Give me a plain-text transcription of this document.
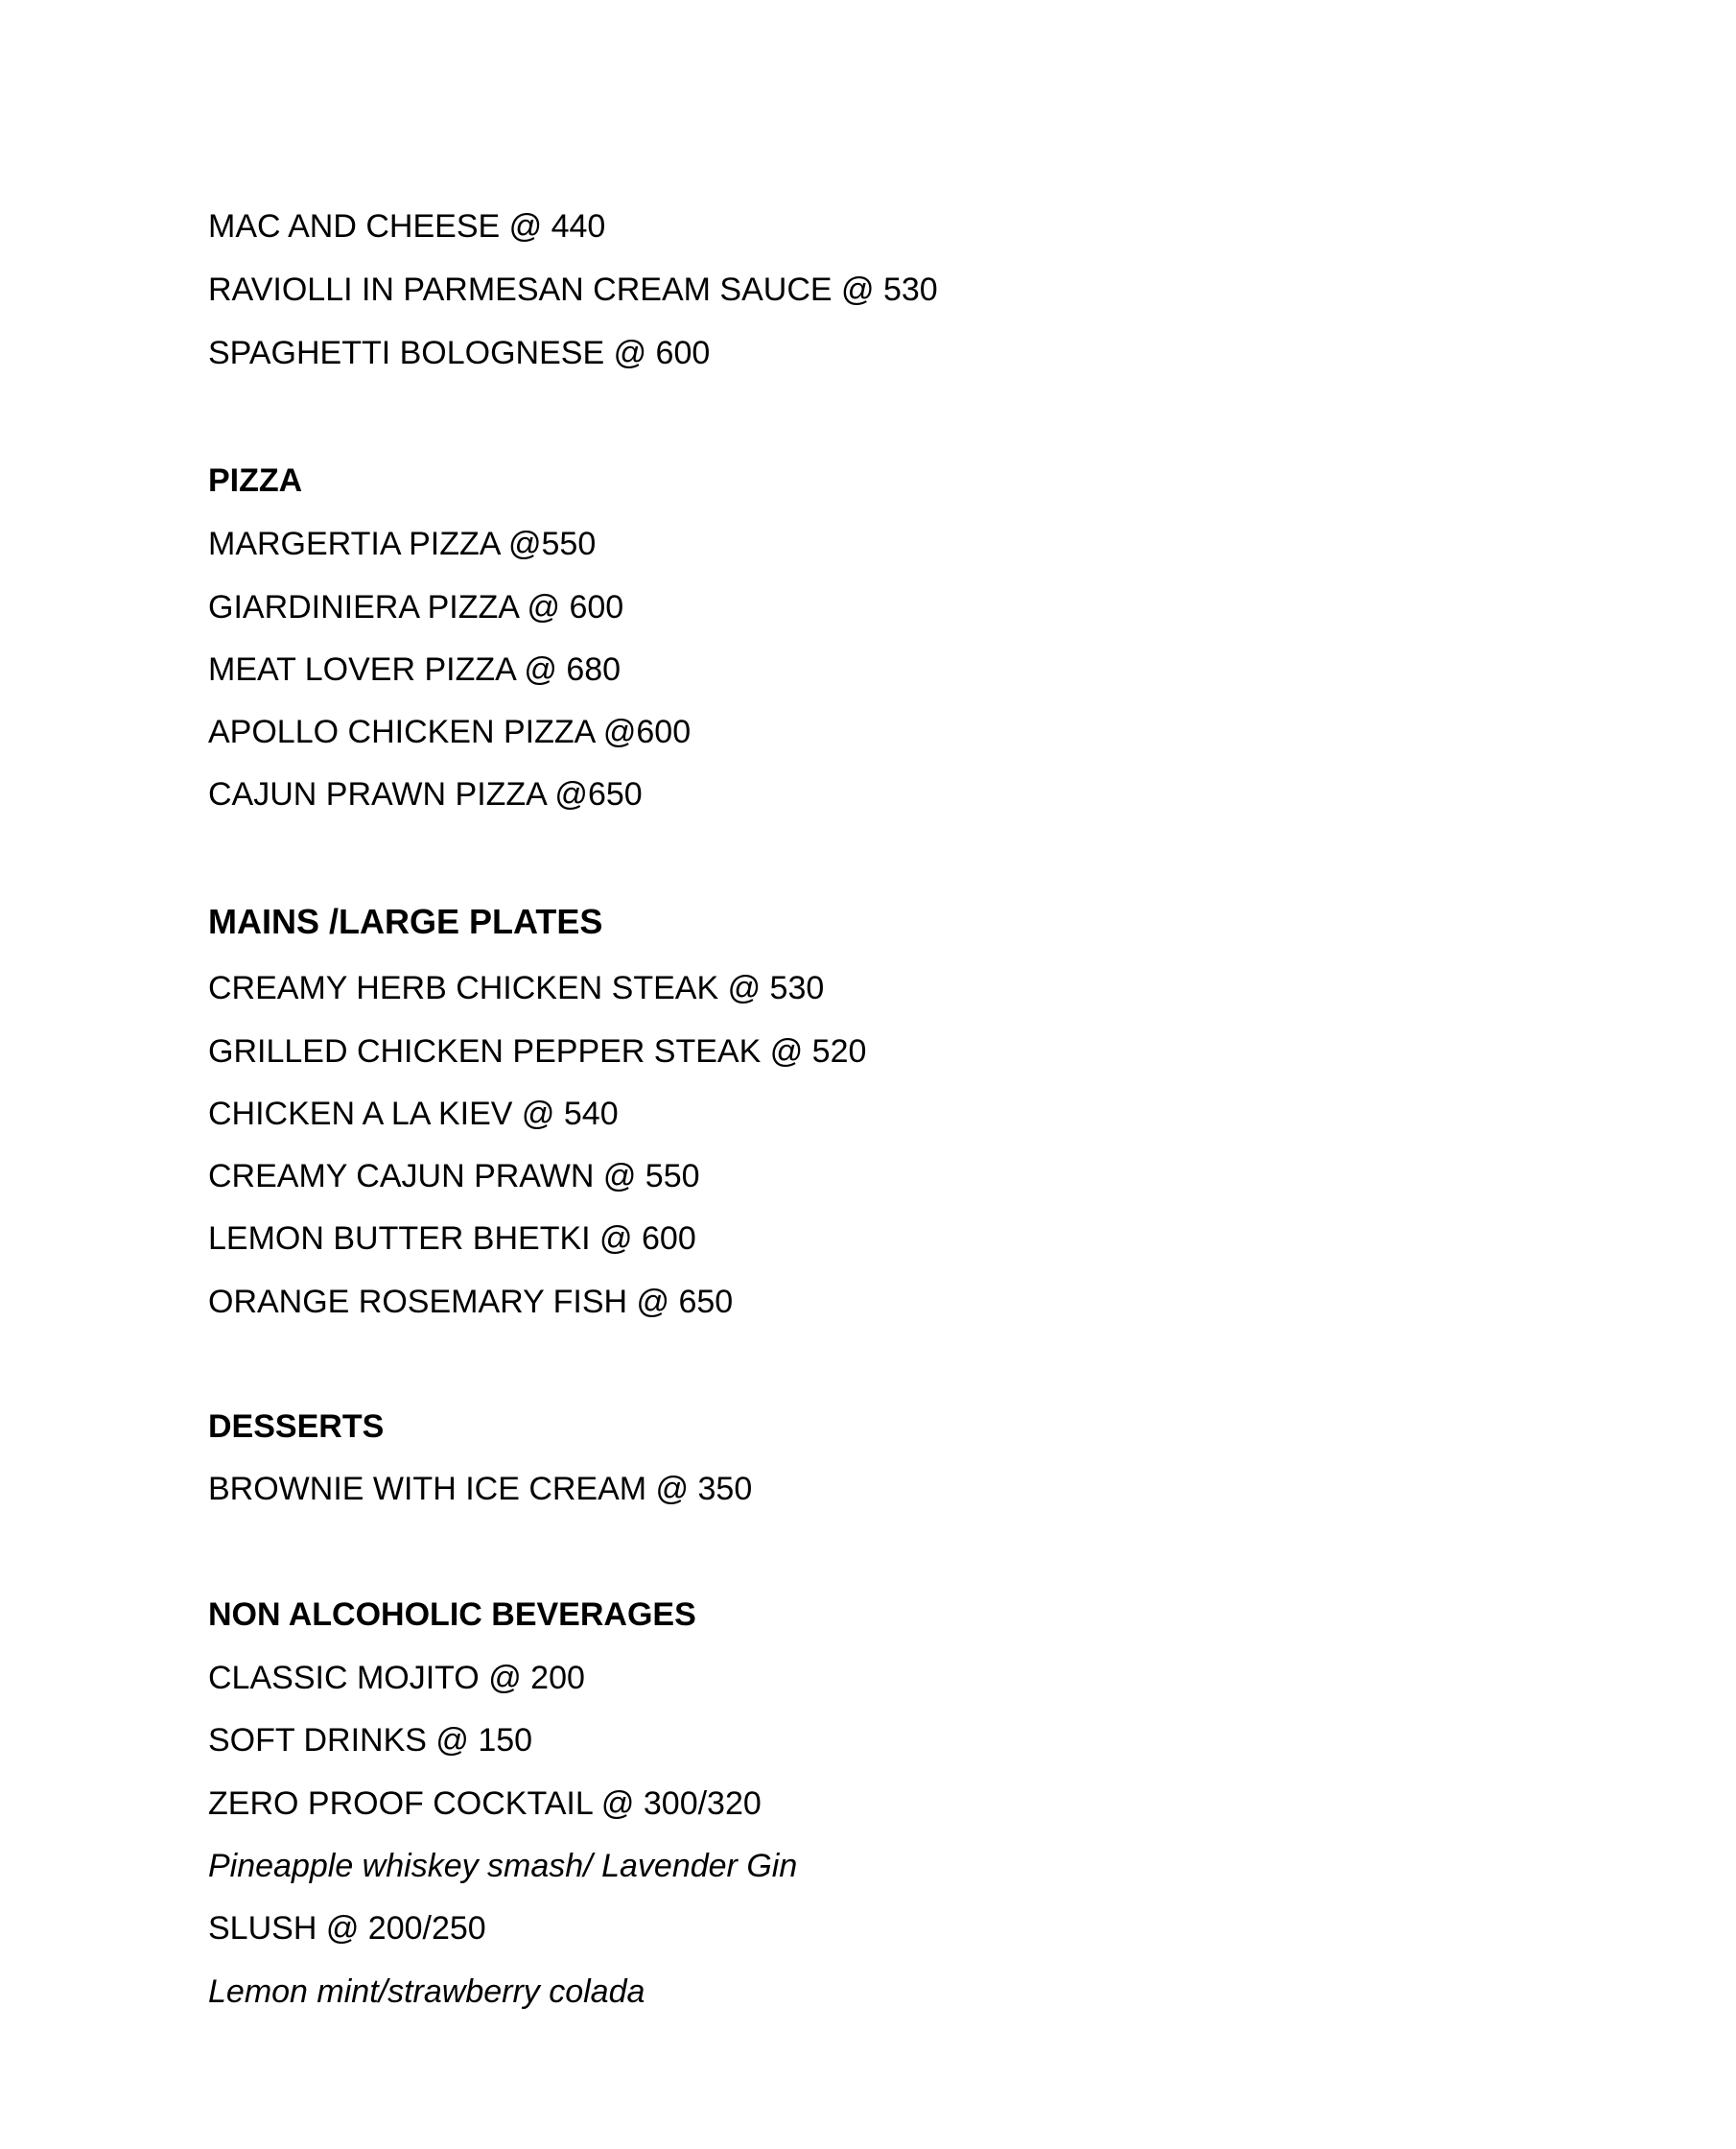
MAC AND CHEESE @ 440

RAVIOLLI IN PARMESAN CREAM SAUCE @ 530

SPAGHETTI BOLOGNESE @ 600

PIZZA

MARGERTIA PIZZA @550

GIARDINIERA PIZZA @ 600

MEAT LOVER PIZZA @ 680

APOLLO CHICKEN PIZZA @600

CAJUN PRAWN PIZZA @650

MAINS /LARGE PLATES

CREAMY HERB CHICKEN STEAK @ 530

GRILLED CHICKEN PEPPER STEAK @ 520

CHICKEN A LA KIEV @ 540

CREAMY CAJUN PRAWN @ 550

LEMON BUTTER BHETKI @ 600

ORANGE ROSEMARY FISH @ 650

DESSERTS

BROWNIE WITH ICE CREAM @ 350

NON ALCOHOLIC BEVERAGES

CLASSIC MOJITO @ 200

SOFT DRINKS @ 150

ZERO PROOF COCKTAIL @ 300/320

Pineapple whiskey smash/ Lavender Gin

SLUSH @ 200/250

Lemon mint/strawberry colada
